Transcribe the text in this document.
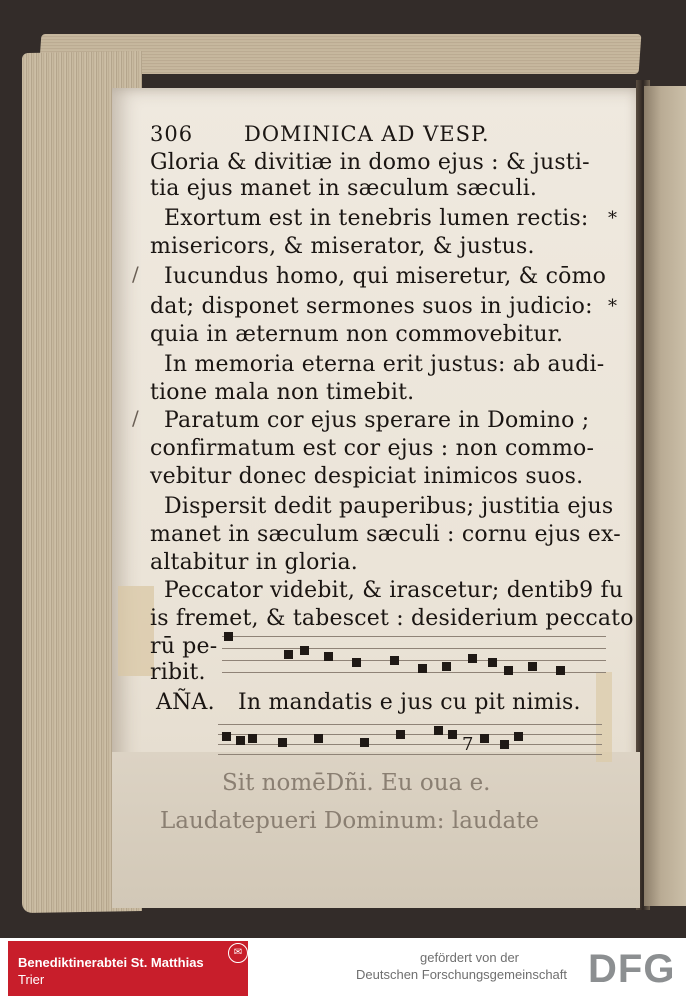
306 DOMINICA AD VESP.
Gloria & divitiæ in domo ejus : & justi-
tia ejus manet in sæculum sæculi.
Exortum est in tenebris lumen rectis: *
misericors, & miserator, & justus.
/ Iucundus homo, qui miseretur, & cōmo
dat; disponet sermones suos in judicio: *
quia in æternum non commovebitur.
In memoria eterna erit justus: ab audi-
tione mala non timebit.
/ Paratum cor ejus sperare in Domino ;
confirmatum est cor ejus : non commo-
vebitur donec despiciat inimicos suos.
Dispersit dedit pauperibus; justitia ejus
manet in sæculum sæculi : cornu ejus ex-
altabitur in gloria.
Peccator videbit, & irascetur; dentib9 fu
is fremet, & tabescet : desiderium peccato
rū pe-
ribit.
AÑA. In mandatis e jus cu pit nimis.
7
Sit nomēDñi. Eu oua e.
Laudatepueri Dominum: laudate
Benediktinerabtei St. Matthias
Trier
✉	gefördert von der
Deutschen Forschungsgemeinschaft DFG
